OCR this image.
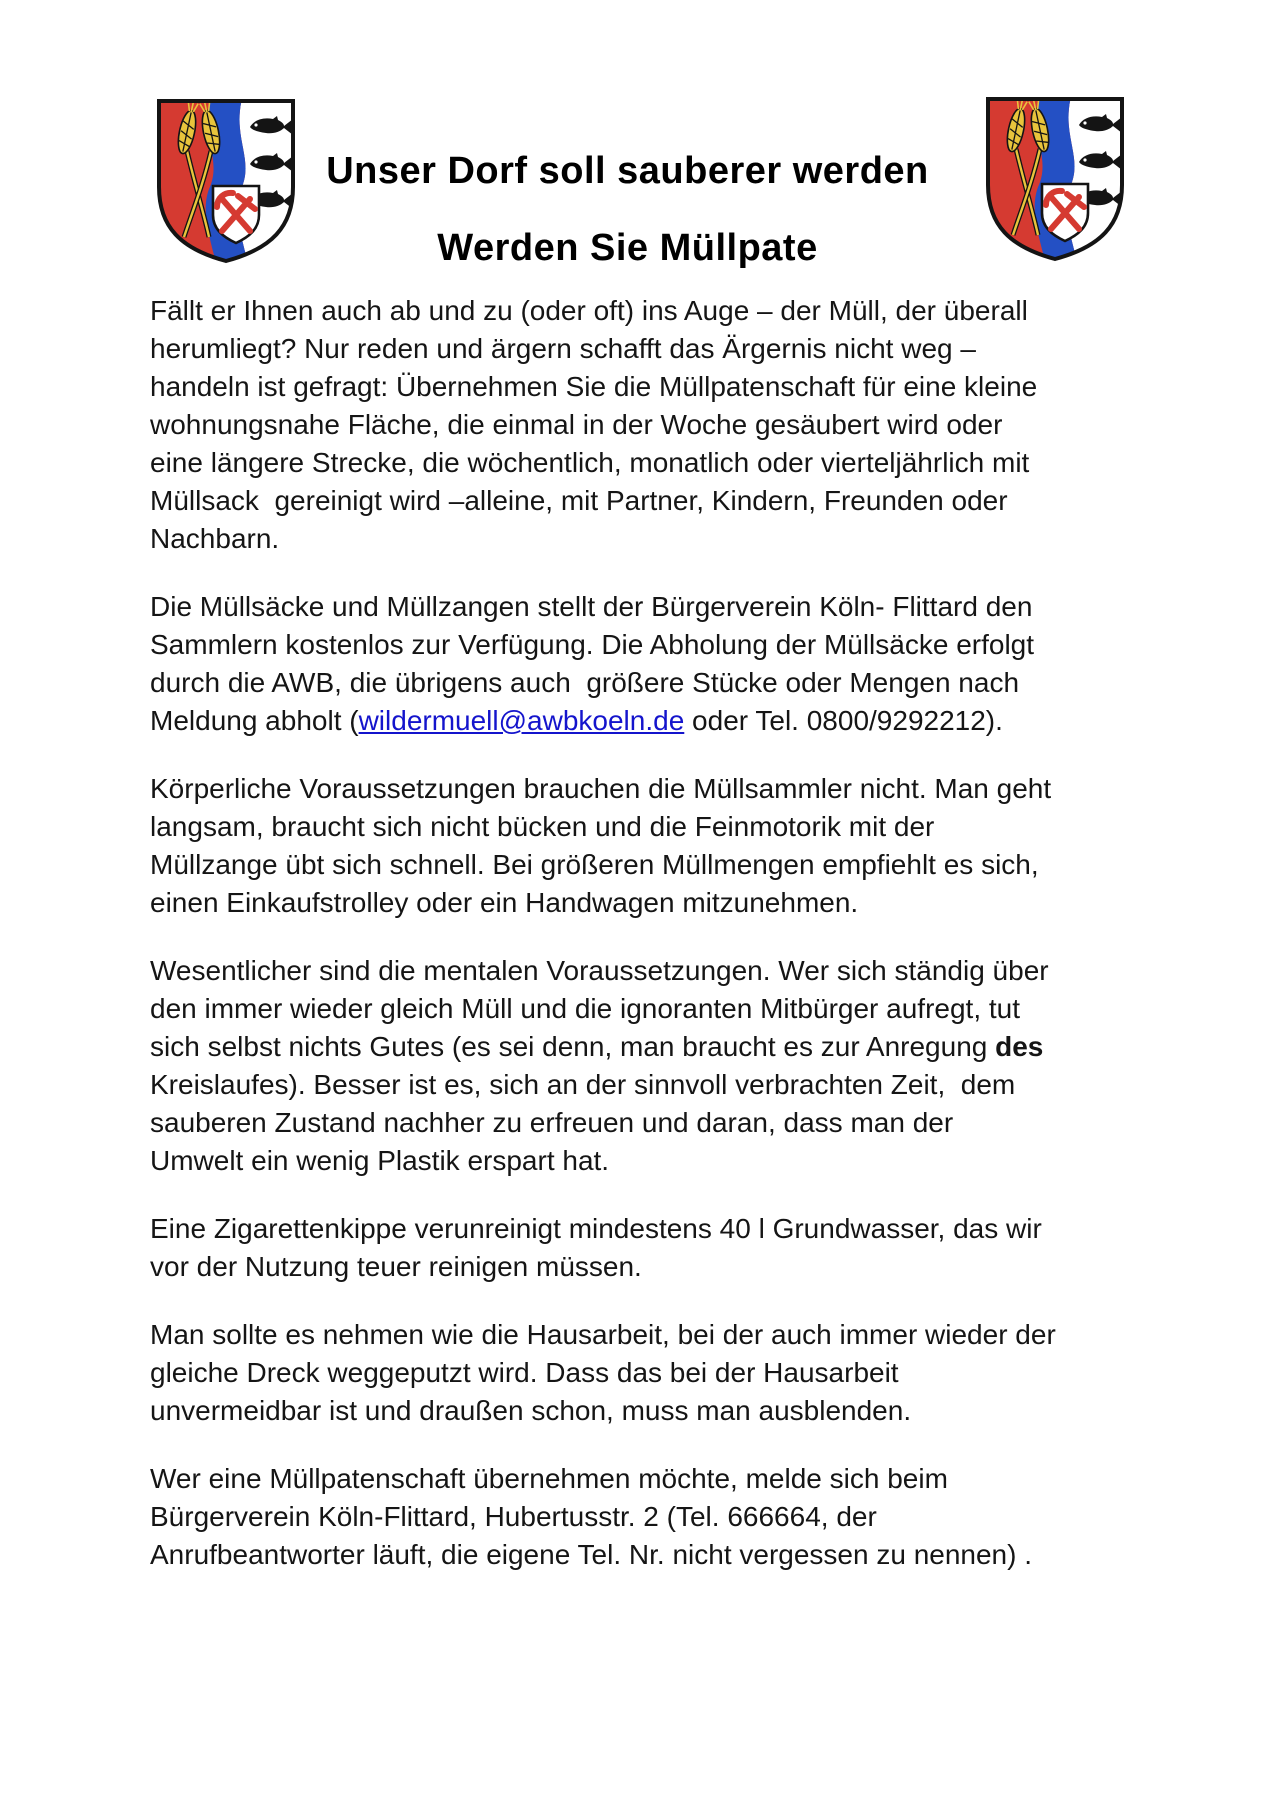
Unser Dorf soll sauberer werden
Werden Sie Müllpate

Fällt er Ihnen auch ab und zu (oder oft) ins Auge – der Müll, der überall
herumliegt? Nur reden und ärgern schafft das Ärgernis nicht weg –
handeln ist gefragt: Übernehmen Sie die Müllpatenschaft für eine kleine
wohnungsnahe Fläche, die einmal in der Woche gesäubert wird oder
eine längere Strecke, die wöchentlich, monatlich oder vierteljährlich mit
Müllsack  gereinigt wird –alleine, mit Partner, Kindern, Freunden oder
Nachbarn.

Die Müllsäcke und Müllzangen stellt der Bürgerverein Köln- Flittard den
Sammlern kostenlos zur Verfügung. Die Abholung der Müllsäcke erfolgt
durch die AWB, die übrigens auch  größere Stücke oder Mengen nach
Meldung abholt (wildermuell@awbkoeln.de oder Tel. 0800/9292212).

Körperliche Voraussetzungen brauchen die Müllsammler nicht. Man geht
langsam, braucht sich nicht bücken und die Feinmotorik mit der
Müllzange übt sich schnell. Bei größeren Müllmengen empfiehlt es sich,
einen Einkaufstrolley oder ein Handwagen mitzunehmen.

Wesentlicher sind die mentalen Voraussetzungen. Wer sich ständig über
den immer wieder gleich Müll und die ignoranten Mitbürger aufregt, tut
sich selbst nichts Gutes (es sei denn, man braucht es zur Anregung des
Kreislaufes). Besser ist es, sich an der sinnvoll verbrachten Zeit,  dem
sauberen Zustand nachher zu erfreuen und daran, dass man der
Umwelt ein wenig Plastik erspart hat.

Eine Zigarettenkippe verunreinigt mindestens 40 l Grundwasser, das wir
vor der Nutzung teuer reinigen müssen.

Man sollte es nehmen wie die Hausarbeit, bei der auch immer wieder der
gleiche Dreck weggeputzt wird. Dass das bei der Hausarbeit
unvermeidbar ist und draußen schon, muss man ausblenden.

Wer eine Müllpatenschaft übernehmen möchte, melde sich beim
Bürgerverein Köln-Flittard, Hubertusstr. 2 (Tel. 666664, der
Anrufbeantworter läuft, die eigene Tel. Nr. nicht vergessen zu nennen) .
